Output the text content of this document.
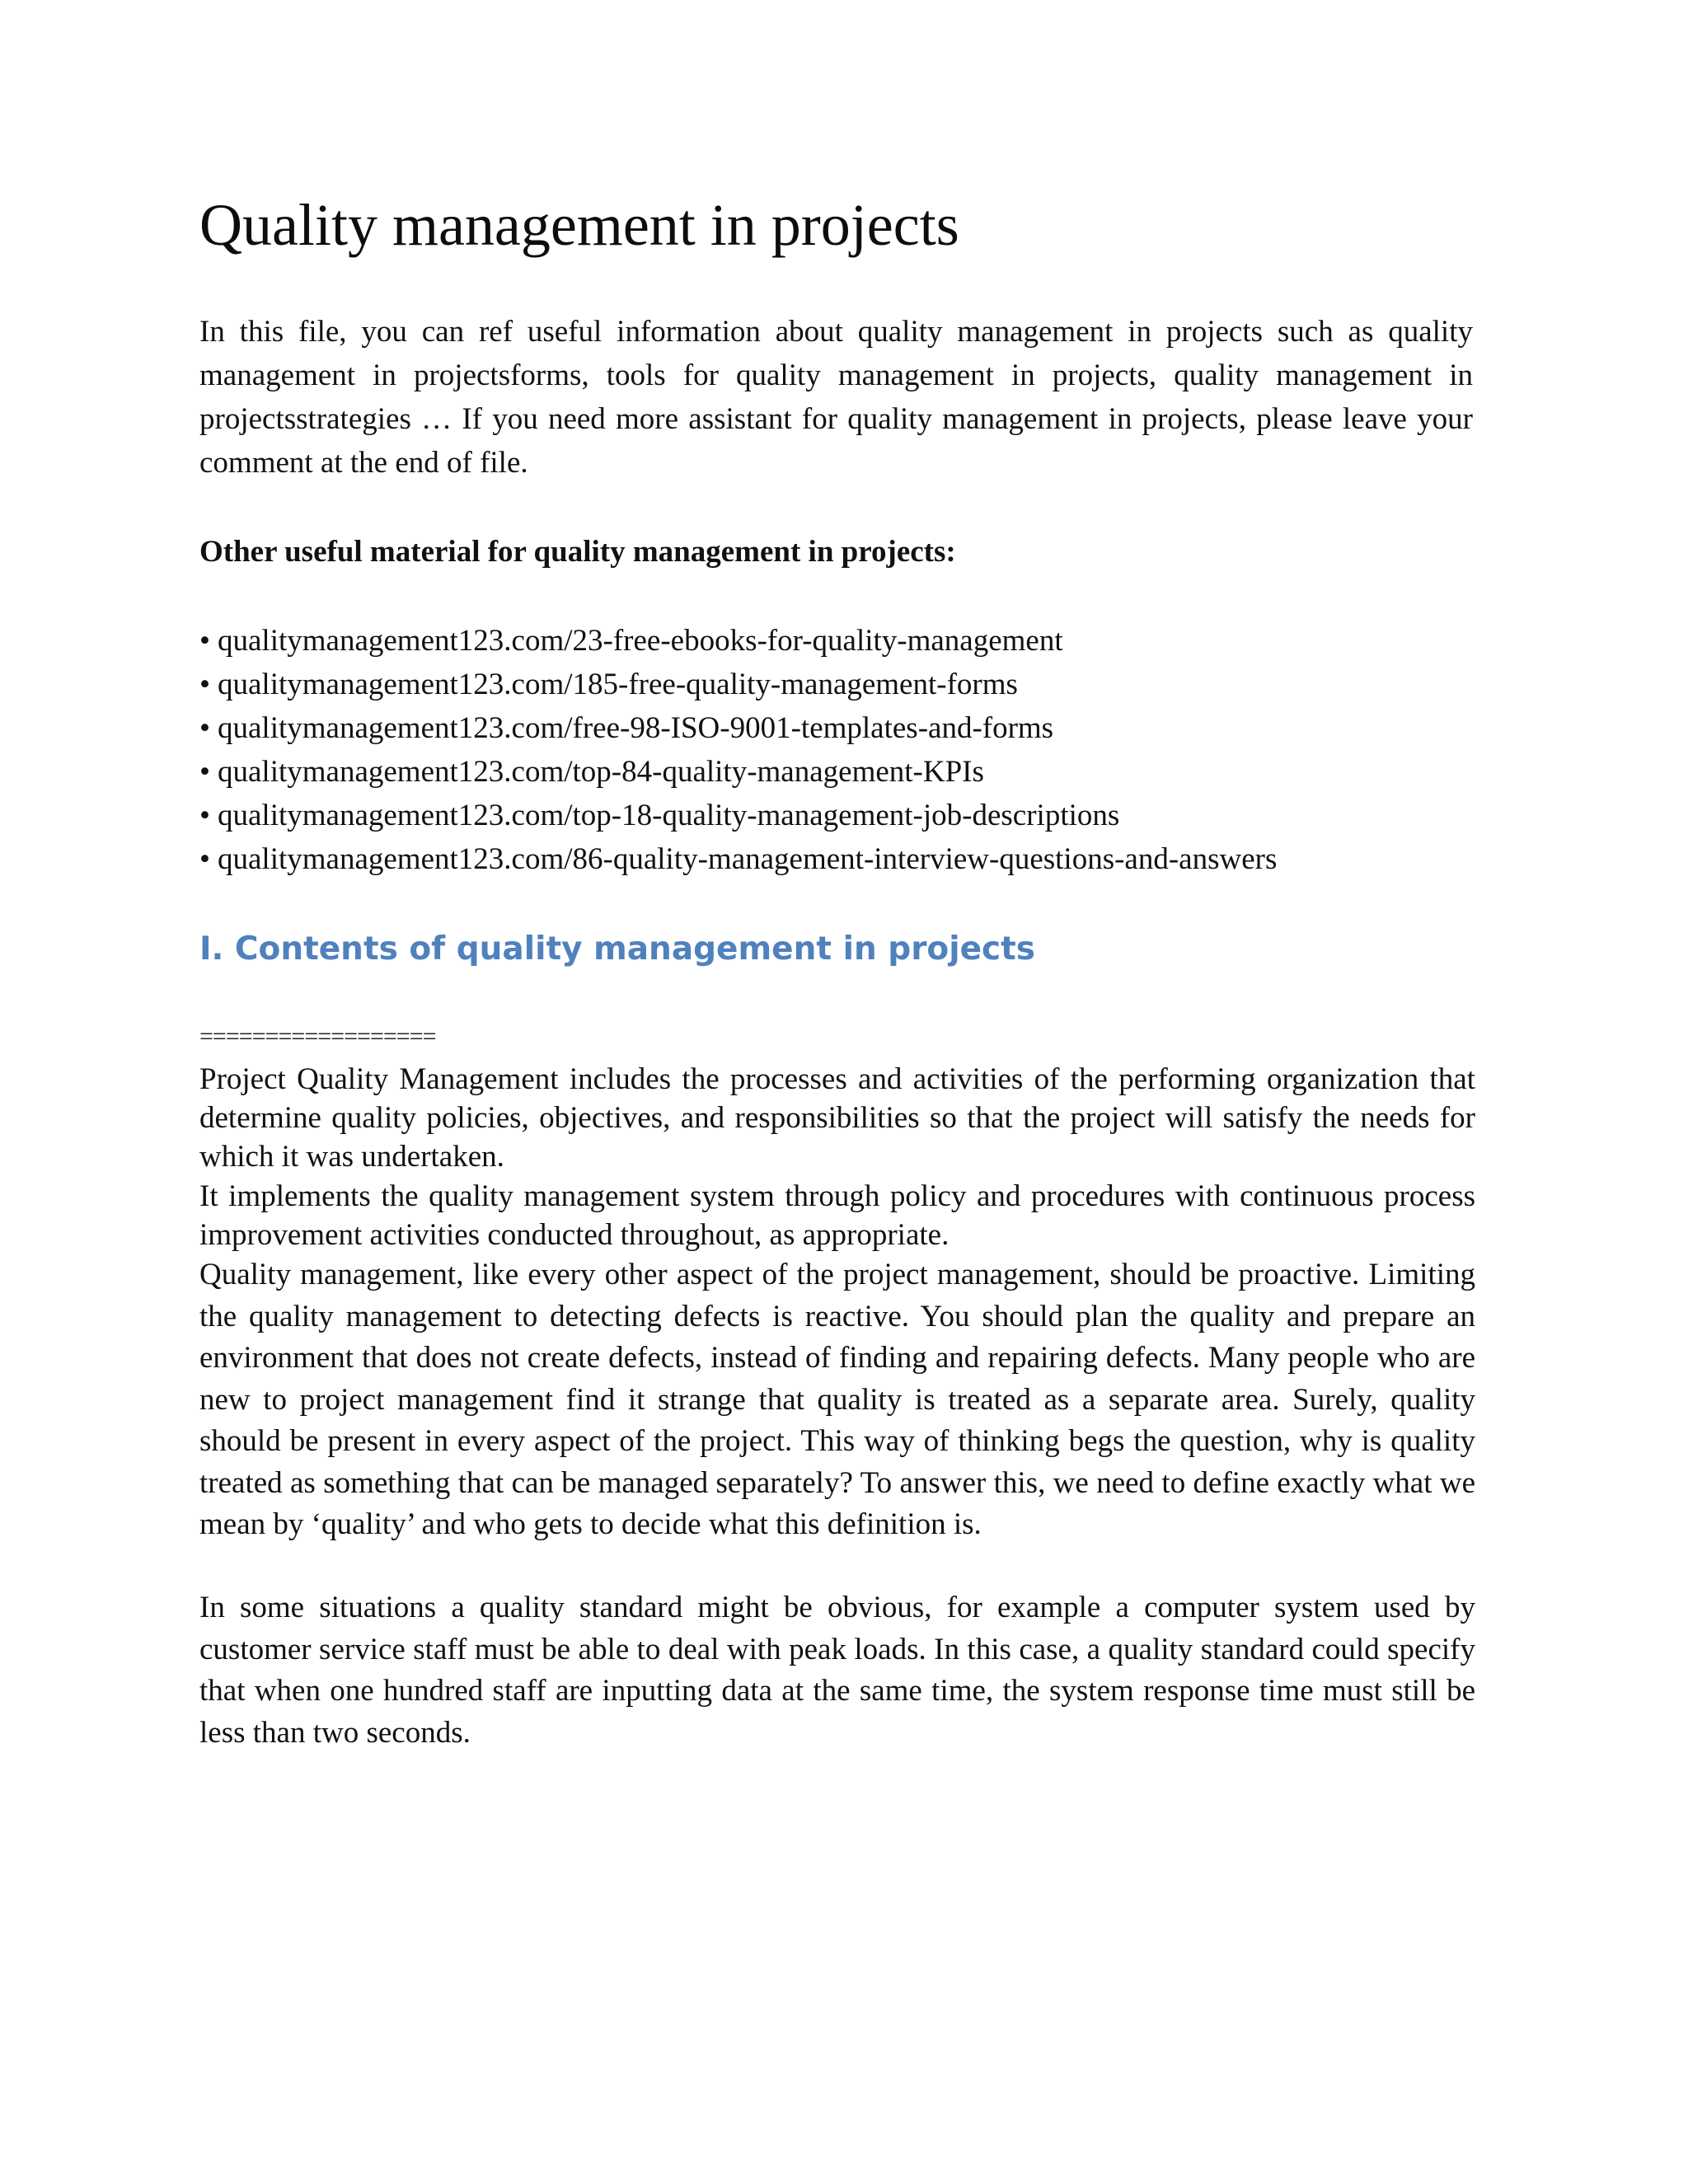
Quality management in projects

In this file, you can ref useful information about quality management in projects such as quality management in projectsforms, tools for quality management in projects, quality management in projectsstrategies … If you need more assistant for quality management in projects, please leave your comment at the end of file.

Other useful material for quality management in projects:

• qualitymanagement123.com/23-free-ebooks-for-quality-management
• qualitymanagement123.com/185-free-quality-management-forms
• qualitymanagement123.com/free-98-ISO-9001-templates-and-forms
• qualitymanagement123.com/top-84-quality-management-KPIs
• qualitymanagement123.com/top-18-quality-management-job-descriptions
• qualitymanagement123.com/86-quality-management-interview-questions-and-answers
I. Contents of quality management in projects
==================

Project Quality Management includes the processes and activities of the performing organization that determine quality policies, objectives, and responsibilities so that the project will satisfy the needs for which it was undertaken.

It implements the quality management system through policy and procedures with continuous process improvement activities conducted throughout, as appropriate.

Quality management, like every other aspect of the project management, should be proactive. Limiting the quality management to detecting defects is reactive. You should plan the quality and prepare an environment that does not create defects, instead of finding and repairing defects. Many people who are new to project management find it strange that quality is treated as a separate area. Surely, quality should be present in every aspect of the project. This way of thinking begs the question, why is quality treated as something that can be managed separately? To answer this, we need to define exactly what we mean by ‘quality’ and who gets to decide what this definition is.

In some situations a quality standard might be obvious, for example a computer system used by customer service staff must be able to deal with peak loads. In this case, a quality standard could specify that when one hundred staff are inputting data at the same time, the system response time must still be less than two seconds.
